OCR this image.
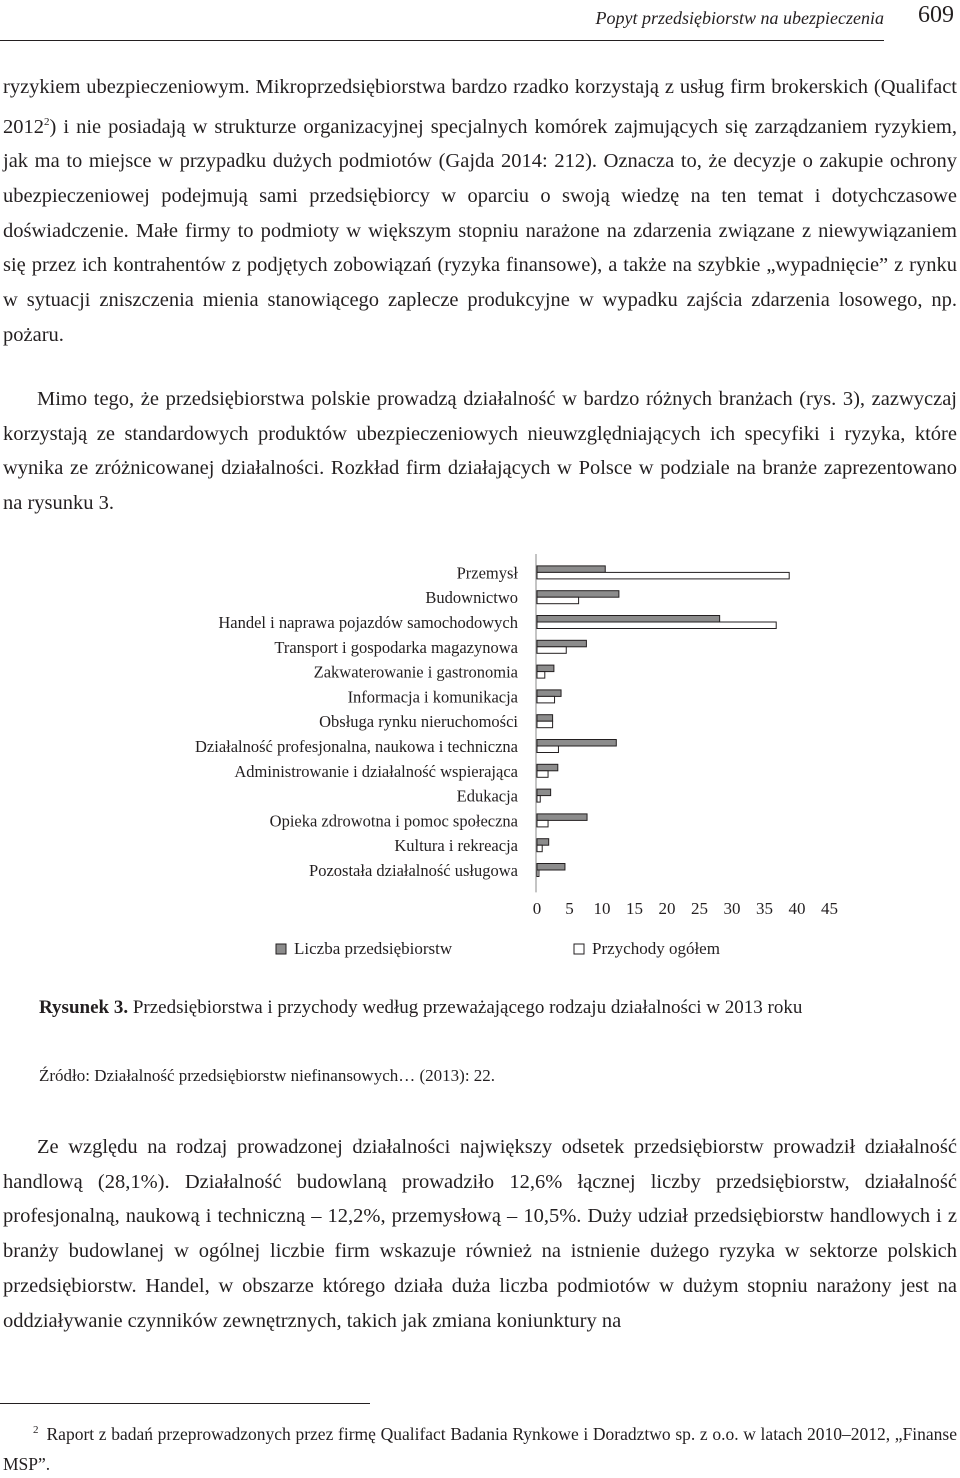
Popyt przedsiębiorstw na ubezpieczenia 609

ryzykiem ubezpieczeniowym. Mikroprzedsiębiorstwa bardzo rzadko korzystają z usług firm brokerskich (Qualifact 2012$^2$) i nie posiadają w strukturze organizacyjnej specjalnych komórek zajmujących się zarządzaniem ryzykiem, jak ma to miejsce w przypadku dużych podmiotów (Gajda 2014: 212). Oznacza to, że decyzje o zakupie ochrony ubezpieczeniowej podejmują sami przedsiębiorcy w oparciu o swoją wiedzę na ten temat i dotychczasowe doświadczenie. Małe firmy to podmioty w większym stopniu narażone na zdarzenia związane z niewywiązaniem się przez ich kontrahentów z podjętych zobowiązań (ryzyka finansowe), a także na szybkie „wypadnięcie” z rynku w sytuacji zniszczenia mienia stanowiącego zaplecze produkcyjne w wypadku zajścia zdarzenia losowego, np. pożaru.

Mimo tego, że przedsiębiorstwa polskie prowadzą działalność w bardzo różnych branżach (rys. 3), zazwyczaj korzystają ze standardowych produktów ubezpieczeniowych nieuwzględniających ich specyfiki i ryzyka, które wynika ze zróżnicowanej działalności. Rozkład firm działających w Polsce w podziale na branże zaprezentowano na rysunku 3.

Przemysł
Budownictwo
Handel i naprawa pojazdów samochodowych
Transport i gospodarka magazynowa
Zakwaterowanie i gastronomia
Informacja i komunikacja
Obsługa rynku nieruchomości
Działalność profesjonalna, naukowa i techniczna
Administrowanie i działalność wspierająca
Edukacja
Opieka zdrowotna i pomoc społeczna
Kultura i rekreacja
Pozostała działalność usługowa
0 5 10 15 20 25 30 35 40 45
Liczba przedsiębiorstw	Przychody ogółem

Rysunek 3. Przedsiębiorstwa i przychody według przeważającego rodzaju działalności w 2013 roku

Źródło: Działalność przedsiębiorstw niefinansowych… (2013): 22.

Ze względu na rodzaj prowadzonej działalności największy odsetek przedsiębiorstw prowadził działalność handlową (28,1%). Działalność budowlaną prowadziło 12,6% łącznej liczby przedsiębiorstw, działalność profesjonalną, naukową i techniczną – 12,2%, przemysłową – 10,5%. Duży udział przedsiębiorstw handlowych i z branży budowlanej w ogólnej liczbie firm wskazuje również na istnienie dużego ryzyka w sektorze polskich przedsiębiorstw. Handel, w obszarze którego działa duża liczba podmiotów w dużym stopniu narażony jest na oddziaływanie czynników zewnętrznych, takich jak zmiana koniunktury na

$^2$ Raport z badań przeprowadzonych przez firmę Qualifact Badania Rynkowe i Doradztwo sp. z o.o. w latach 2010–2012, „Finanse MSP”.
